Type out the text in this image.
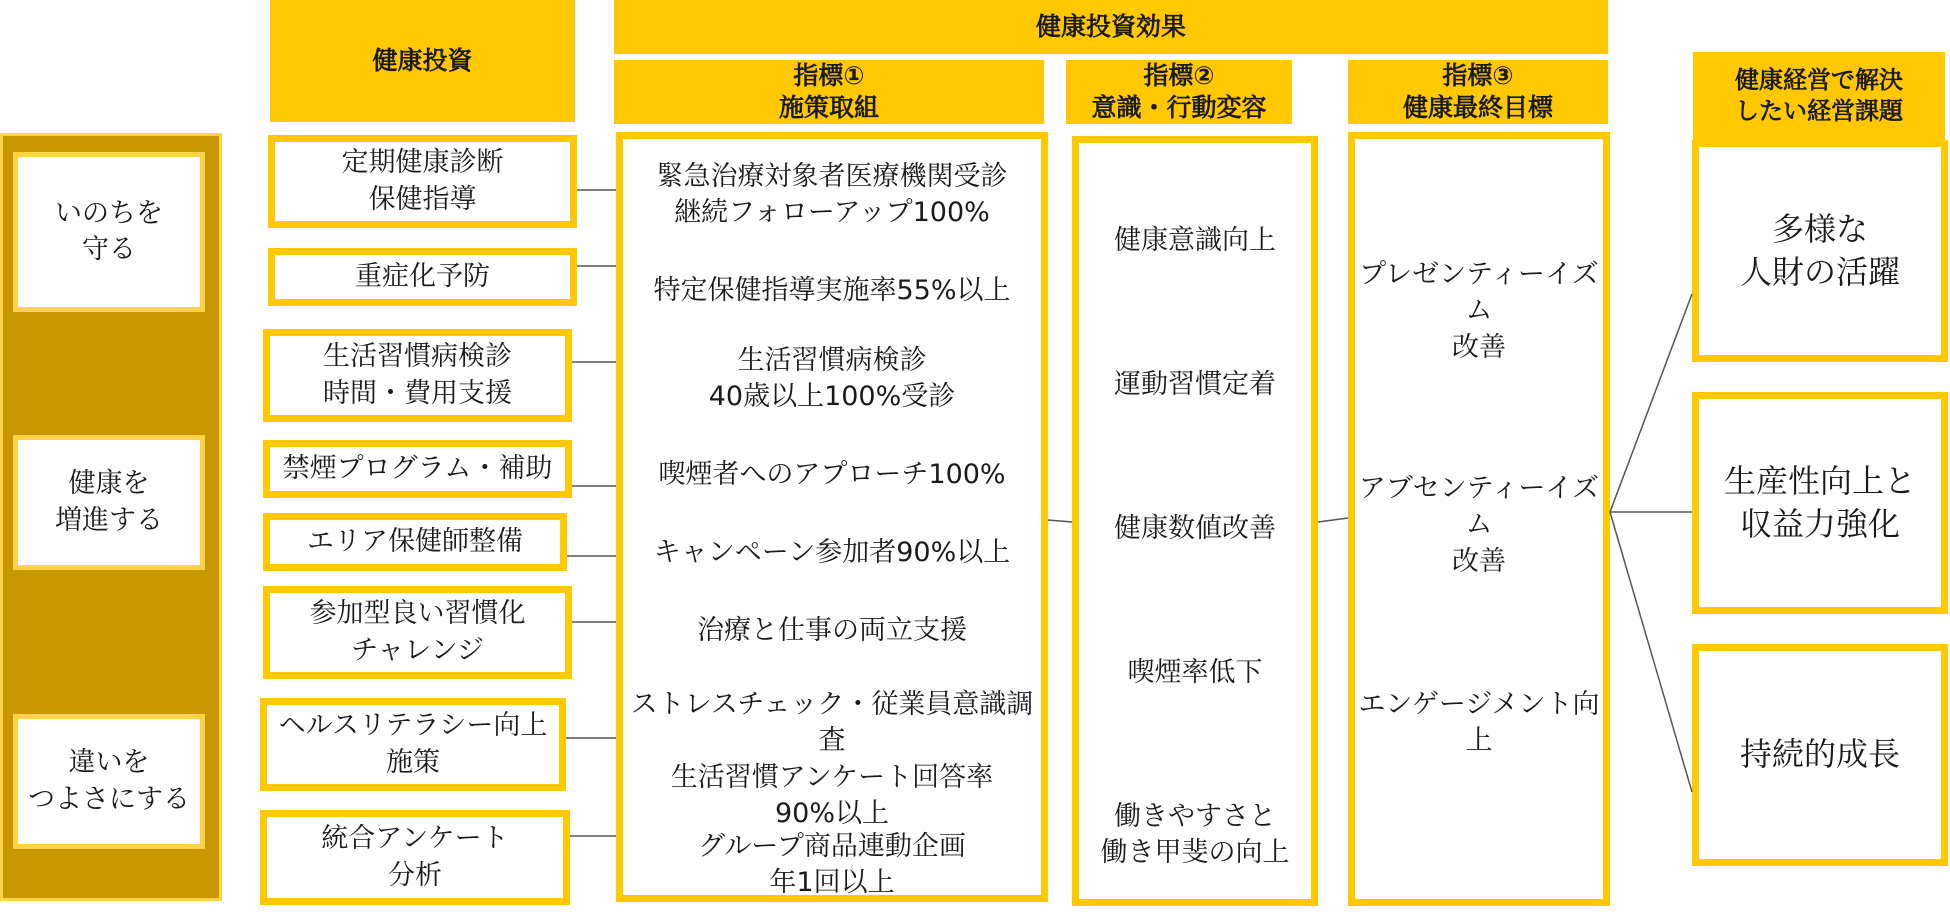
いのちを
守る
健康を
増進する
違いを
つよさにする
健康投資
健康投資効果
指標①
施策取組
指標②
意識・行動変容
指標③
健康最終目標
健康経営で解決
したい経営課題
定期健康診断
保健指導
重症化予防
生活習慣病検診
時間・費用支援
禁煙プログラム・補助
エリア保健師整備
参加型良い習慣化
チャレンジ
ヘルスリテラシー向上
施策
統合アンケート
分析
緊急治療対象者医療機関受診
継続フォローアップ100%
特定保健指導実施率55%以上
生活習慣病検診
40歳以上100%受診
喫煙者へのアプローチ100%
キャンペーン参加者90%以上
治療と仕事の両立支援
ストレスチェック・従業員意識調査
生活習慣アンケート回答率
90%以上
グループ商品連動企画
年1回以上
健康意識向上
運動習慣定着
健康数値改善
喫煙率低下
働きやすさと
働き甲斐の向上
プレゼンティーイズム
改善
アブセンティーイズム
改善
エンゲージメント向上
多様な
人財の活躍
生産性向上と
収益力強化
持続的成長
